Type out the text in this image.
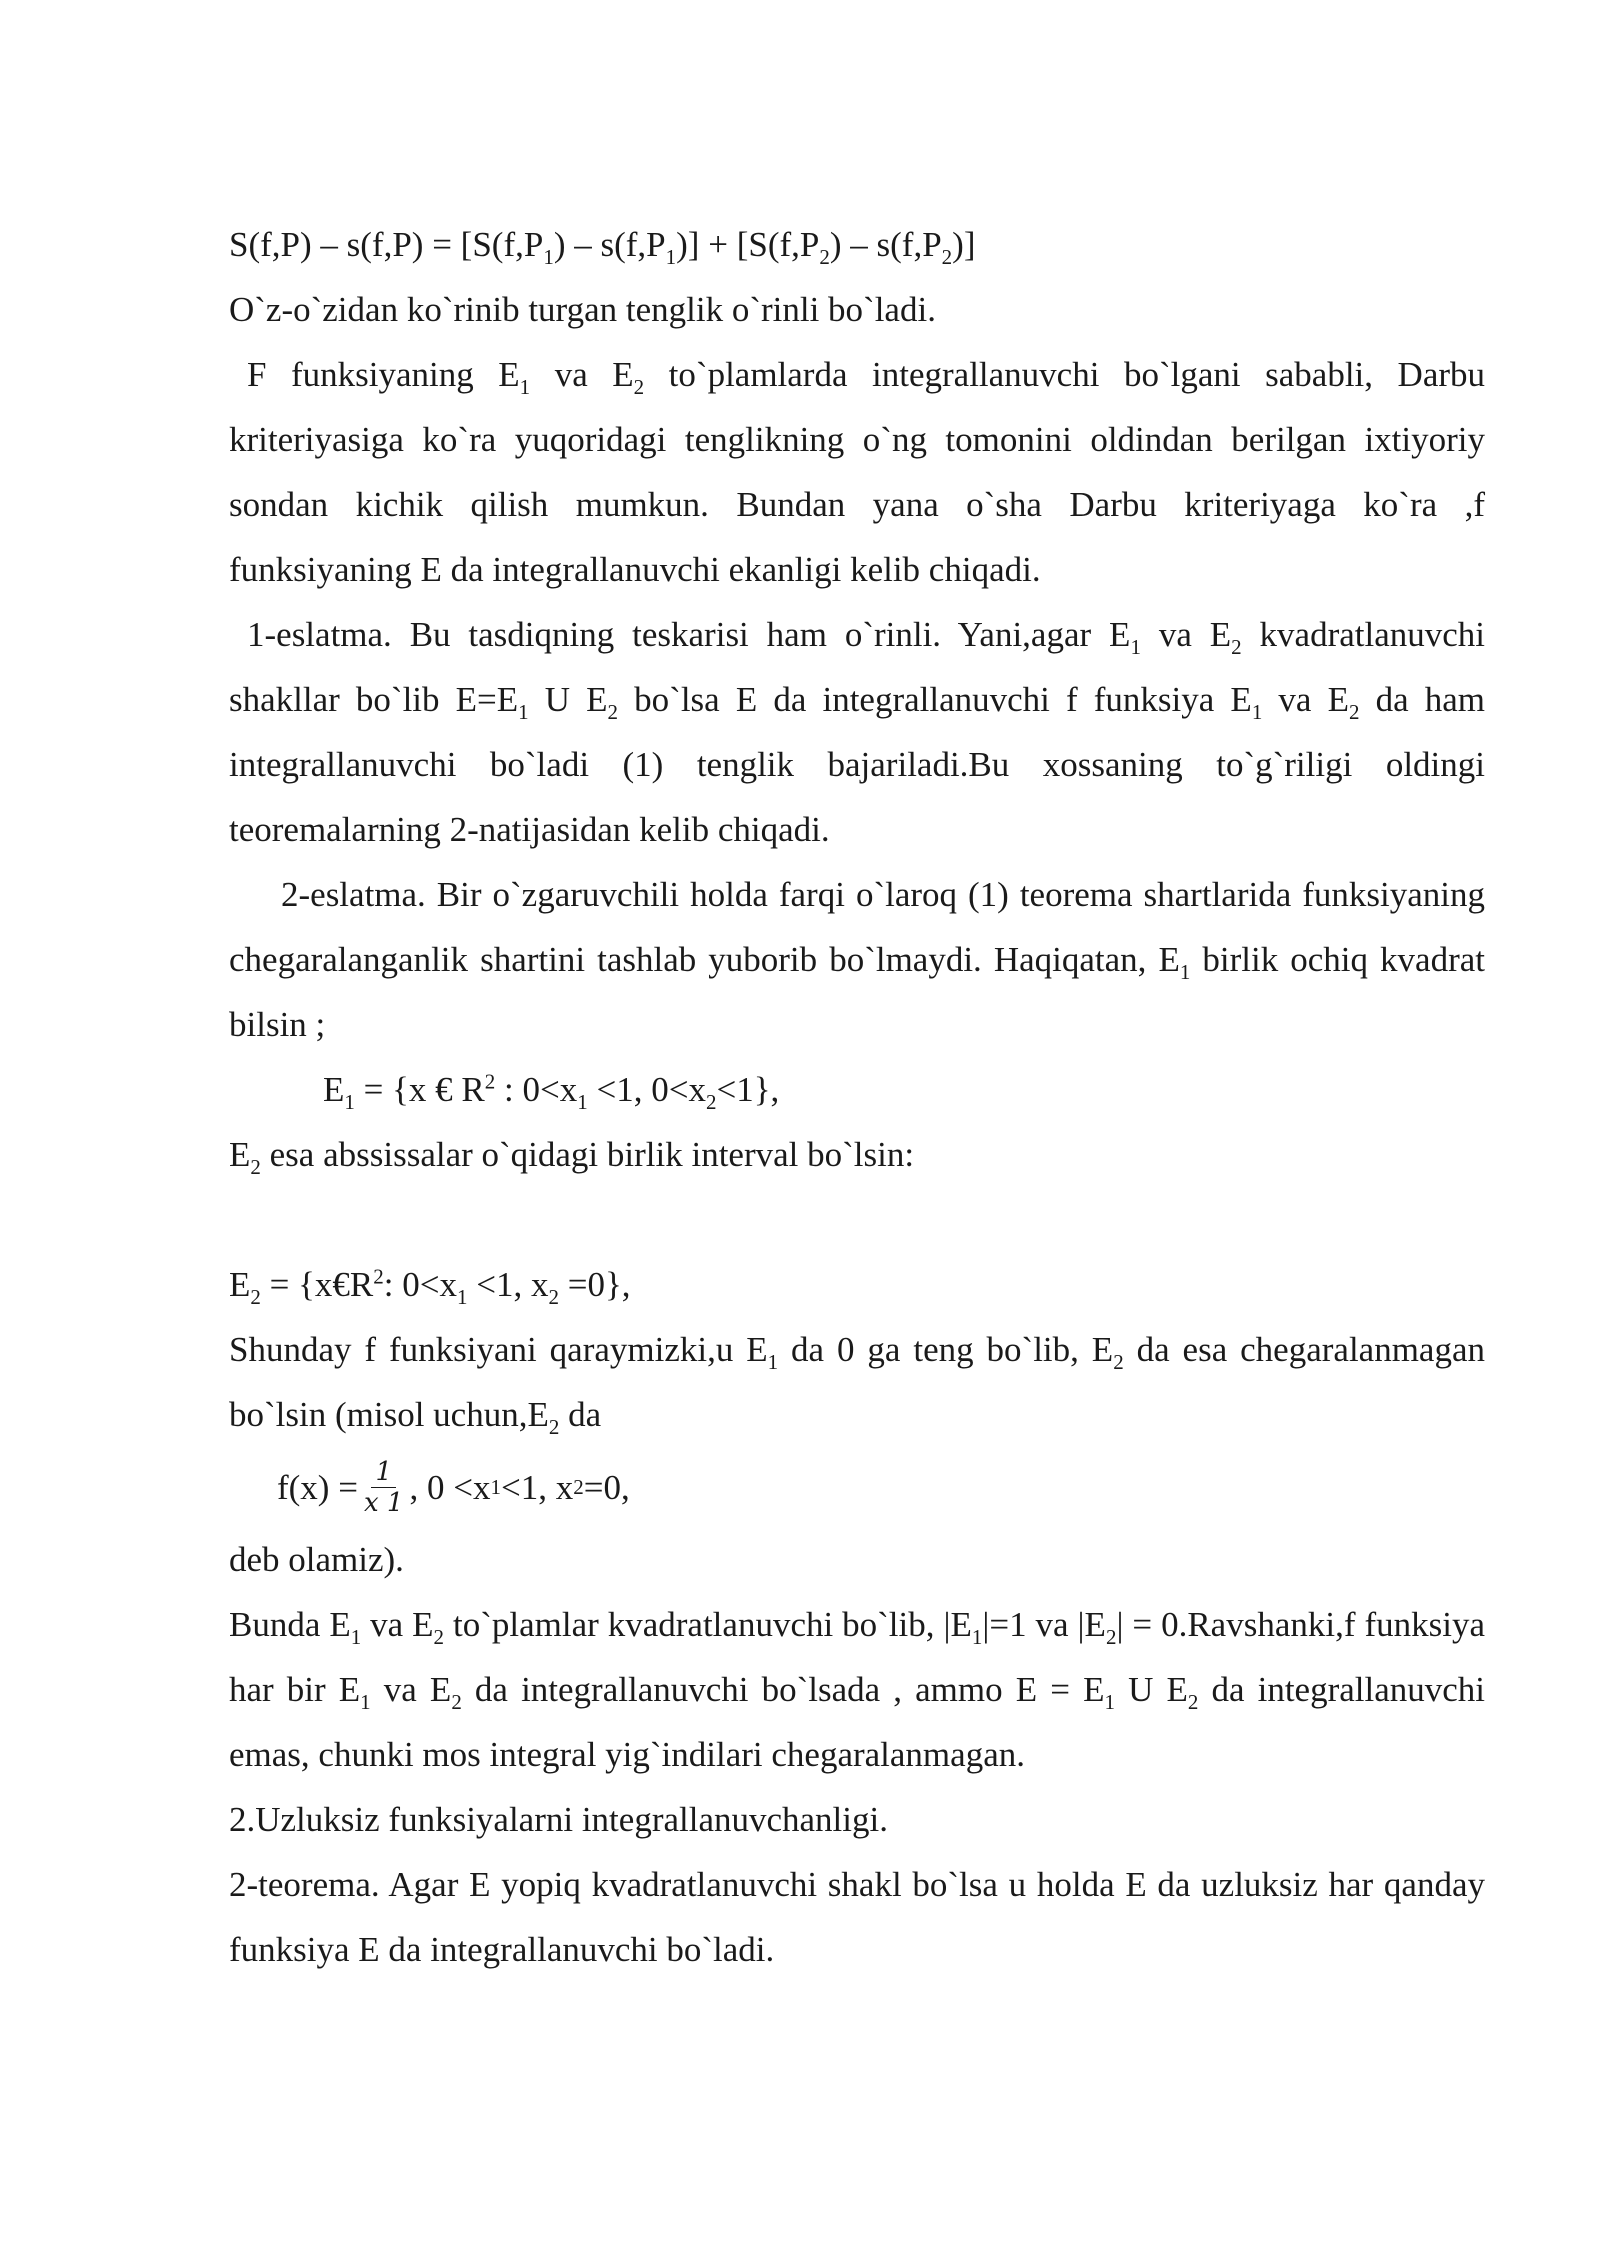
$S(f,P) - s(f,P) = [S(f,P_1) - s(f,P_1)] + [S(f,P_2) - s(f,P_2)]$

O`z-o`zidan ko`rinib turgan tenglik o`rinli bo`ladi.

F funksiyaning $E_1$ va $E_2$ to`plamlarda integrallanuvchi bo`lgani sababli, Darbu kriteriyasiga ko`ra yuqoridagi tenglikning o`ng tomonini oldindan berilgan ixtiyoriy sondan kichik qilish mumkun. Bundan yana o`sha Darbu kriteriyaga ko`ra ,f funksiyaning E da integrallanuvchi ekanligi kelib chiqadi.

1-eslatma. Bu tasdiqning teskarisi ham o`rinli. Yani,agar $E_1$ va $E_2$ kvadratlanuvchi shakllar bo`lib $E=E_1$ U $E_2$ bo`lsa E da integrallanuvchi f funksiya $E_1$ va $E_2$ da ham integrallanuvchi bo`ladi (1) tenglik bajariladi.Bu xossaning to`g`riligi oldingi teoremalarning 2-natijasidan kelib chiqadi.

2-eslatma. Bir o`zgaruvchili holda farqi o`laroq (1) teorema shartlarida funksiyaning chegaralanganlik shartini tashlab yuborib bo`lmaydi. Haqiqatan, $E_1$ birlik ochiq kvadrat bilsin ;

$E_1 = \{x$ € $R^2$ : $0<x_1 <1$, $0<x_2<1$},

$E_2$ esa abssissalar o`qidagi birlik interval bo`lsin:

$E_2$ = {$x€R^2$: $0<x_1 <1$, $x_2 =0$},

Shunday f funksiyani qaraymizki,u $E_1$ da 0 ga teng bo`lib, $E_2$ da esa chegaralanmagan bo`lsin (misol $uchun,E_2$ da

$f(x) = \frac{1}{x 1}$ , 0 <x 1 <1, x 2 =0,

deb olamiz).

Bunda $E_1$ va $E_2$ to`plamlar kvadratlanuvchi bo`lib, $|E_1|=1$ va $|E_2|$ = 0.Ravshanki,f funksiya har bir $E_1$ va $E_2$ da integrallanuvchi bo`lsada , ammo $E = E_1$ U $E_2$ da integrallanuvchi emas, chunki mos integral yig`indilari chegaralanmagan.

2.Uzluksiz funksiyalarni integrallanuvchanligi.

2-teorema. Agar E yopiq kvadratlanuvchi shakl bo`lsa u holda E da uzluksiz har qanday funksiya E da integrallanuvchi bo`ladi.
